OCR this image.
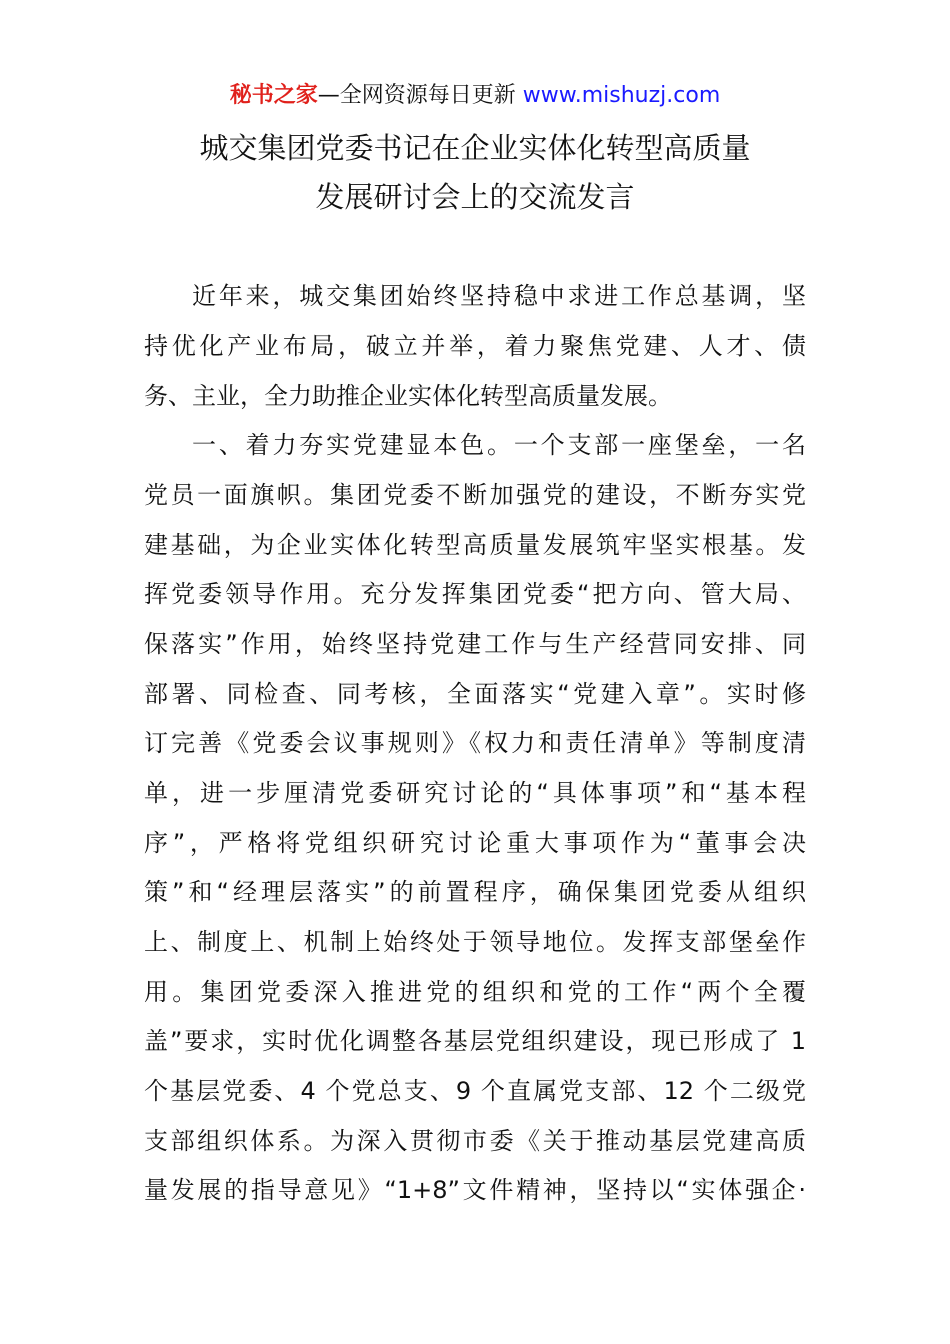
秘书之家—全网资源每日更新 www.mishuzj.com
城交集团党委书记在企业实体化转型高质量
发展研讨会上的交流发言
近年来，城交集团始终坚持稳中求进工作总基调，坚
持优化产业布局，破立并举，着力聚焦党建、人才、债
务、主业，全力助推企业实体化转型高质量发展。
一、着力夯实党建显本色。一个支部一座堡垒，一名
党员一面旗帜。集团党委不断加强党的建设，不断夯实党
建基础，为企业实体化转型高质量发展筑牢坚实根基。发
挥党委领导作用。充分发挥集团党委“把方向、管大局、
保落实”作用，始终坚持党建工作与生产经营同安排、同
部署、同检查、同考核，全面落实“党建入章”。实时修
订完善《党委会议事规则》《权力和责任清单》等制度清
单，进一步厘清党委研究讨论的“具体事项”和“基本程
序”，严格将党组织研究讨论重大事项作为“董事会决
策”和“经理层落实”的前置程序，确保集团党委从组织
上、制度上、机制上始终处于领导地位。发挥支部堡垒作
用。集团党委深入推进党的组织和党的工作“两个全覆
盖”要求，实时优化调整各基层党组织建设，现已形成了 1
个基层党委、4 个党总支、9 个直属党支部、12 个二级党
支部组织体系。为深入贯彻市委《关于推动基层党建高质
量发展的指导意见》“1+8”文件精神，坚持以“实体强企·
